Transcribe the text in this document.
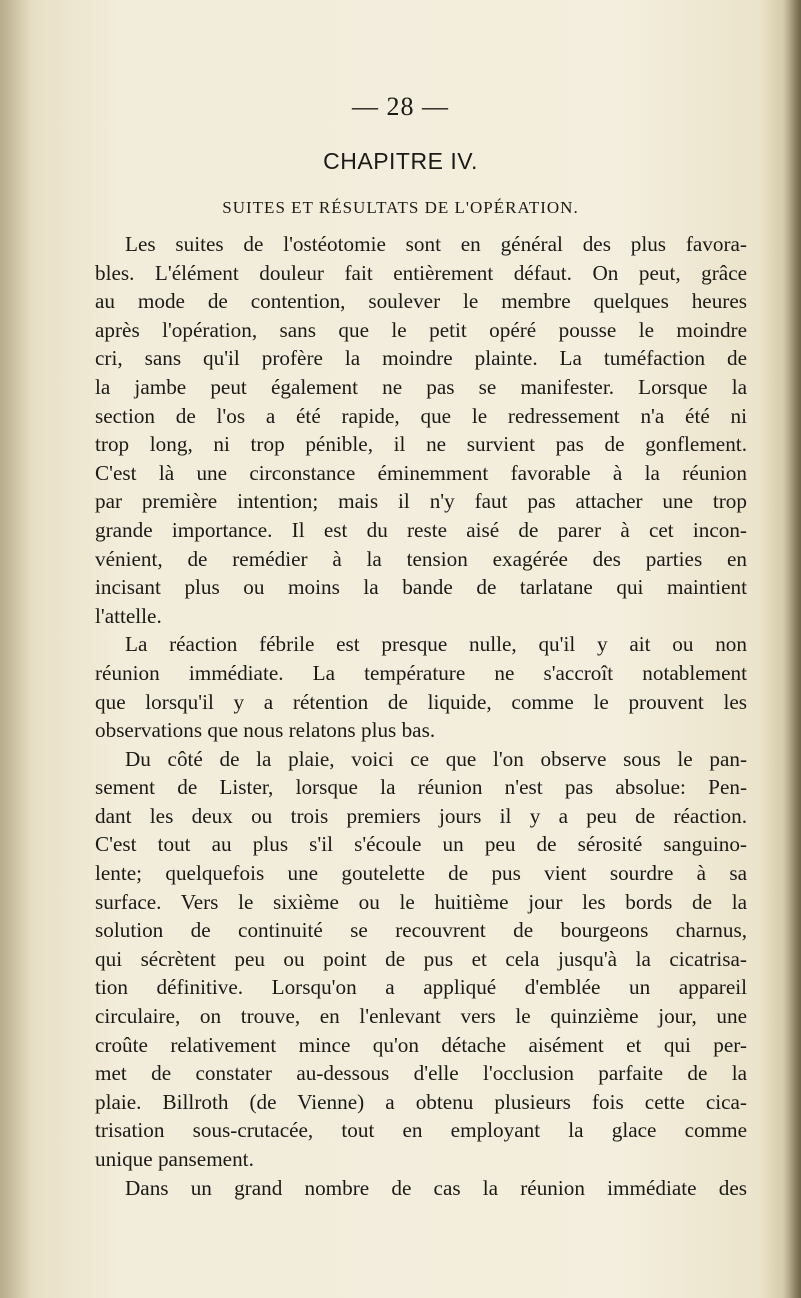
— 28 —
CHAPITRE IV.
SUITES ET RÉSULTATS DE L'OPÉRATION.
Les suites de l'ostéotomie sont en général des plus favora-
bles. L'élément douleur fait entièrement défaut. On peut, grâce
au mode de contention, soulever le membre quelques heures
après l'opération, sans que le petit opéré pousse le moindre
cri, sans qu'il profère la moindre plainte. La tuméfaction de
la jambe peut également ne pas se manifester. Lorsque la
section de l'os a été rapide, que le redressement n'a été ni
trop long, ni trop pénible, il ne survient pas de gonflement.
C'est là une circonstance éminemment favorable à la réunion
par première intention; mais il n'y faut pas attacher une trop
grande importance. Il est du reste aisé de parer à cet incon-
vénient, de remédier à la tension exagérée des parties en
incisant plus ou moins la bande de tarlatane qui maintient
l'attelle.
La réaction fébrile est presque nulle, qu'il y ait ou non
réunion immédiate. La température ne s'accroît notablement
que lorsqu'il y a rétention de liquide, comme le prouvent les
observations que nous relatons plus bas.
Du côté de la plaie, voici ce que l'on observe sous le pan-
sement de Lister, lorsque la réunion n'est pas absolue: Pen-
dant les deux ou trois premiers jours il y a peu de réaction.
C'est tout au plus s'il s'écoule un peu de sérosité sanguino-
lente; quelquefois une goutelette de pus vient sourdre à sa
surface. Vers le sixième ou le huitième jour les bords de la
solution de continuité se recouvrent de bourgeons charnus,
qui sécrètent peu ou point de pus et cela jusqu'à la cicatrisa-
tion définitive. Lorsqu'on a appliqué d'emblée un appareil
circulaire, on trouve, en l'enlevant vers le quinzième jour, une
croûte relativement mince qu'on détache aisément et qui per-
met de constater au-dessous d'elle l'occlusion parfaite de la
plaie. Billroth (de Vienne) a obtenu plusieurs fois cette cica-
trisation sous-crutacée, tout en employant la glace comme
unique pansement.
Dans un grand nombre de cas la réunion immédiate des
